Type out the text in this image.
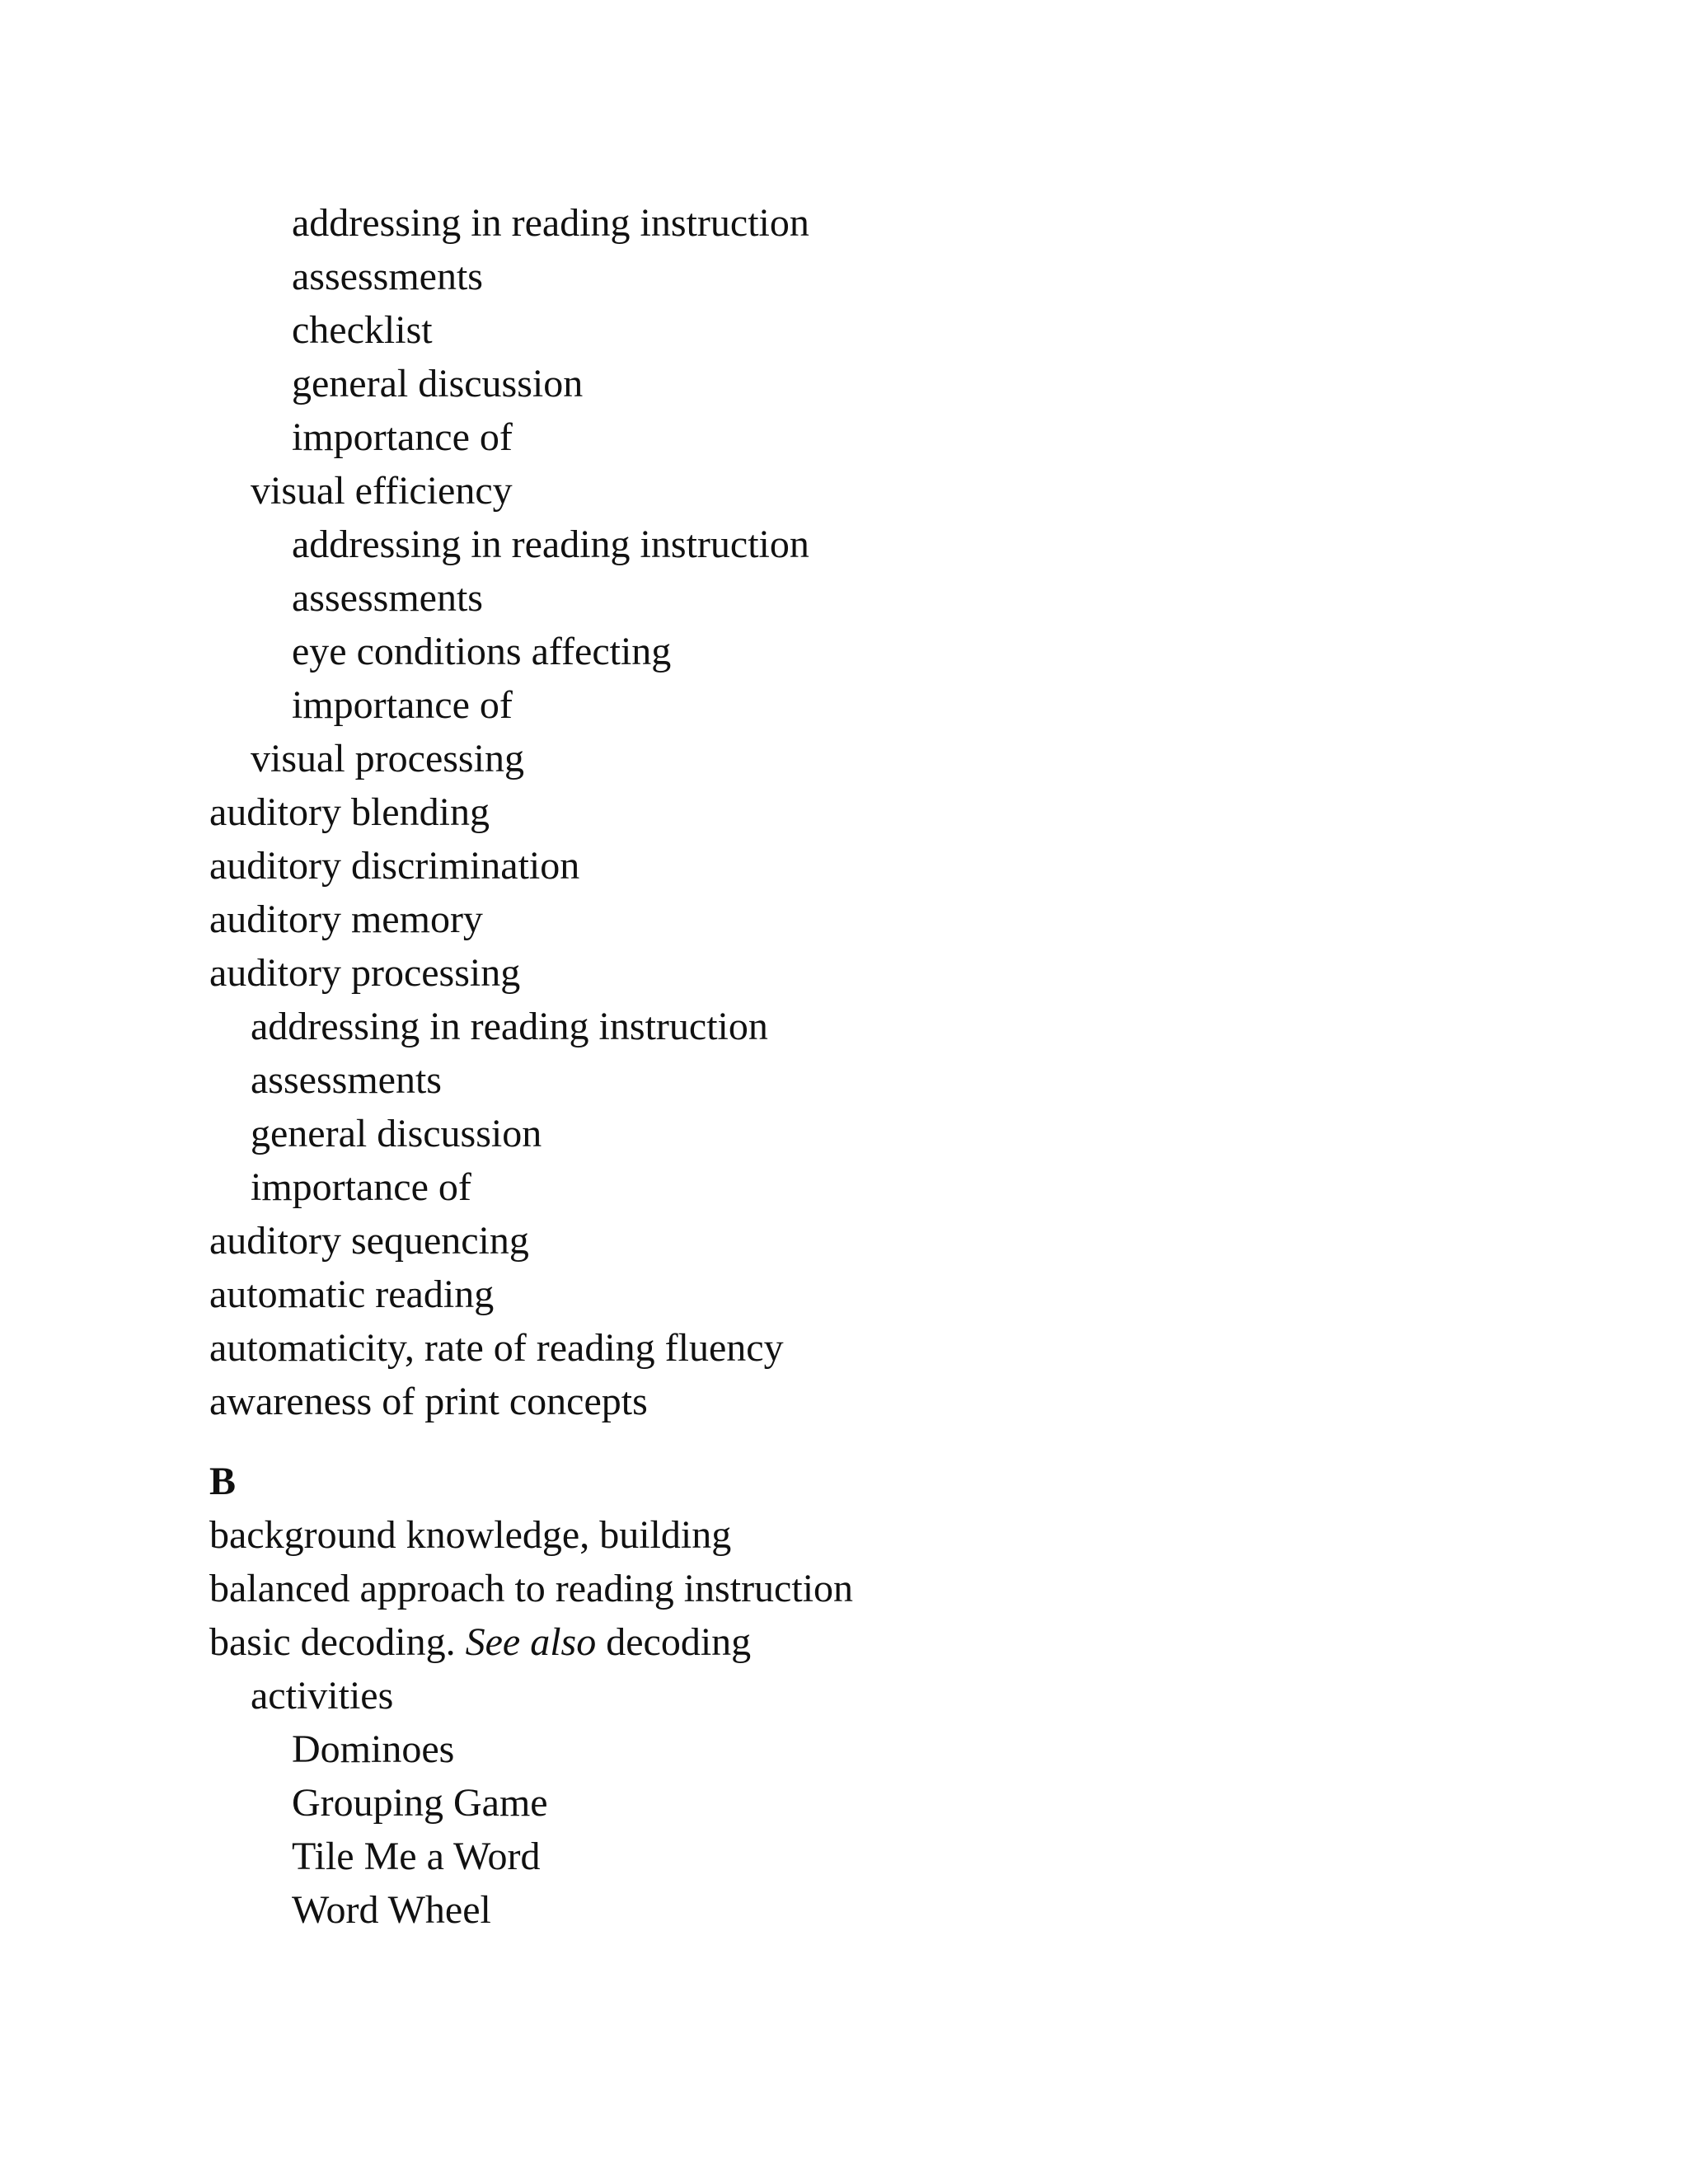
addressing in reading instruction
assessments
checklist
general discussion
importance of
visual efficiency
addressing in reading instruction
assessments
eye conditions affecting
importance of
visual processing
auditory blending
auditory discrimination
auditory memory
auditory processing
addressing in reading instruction
assessments
general discussion
importance of
auditory sequencing
automatic reading
automaticity, rate of reading fluency
awareness of print concepts
B
background knowledge, building
balanced approach to reading instruction
basic decoding. See also decoding
activities
Dominoes
Grouping Game
Tile Me a Word
Word Wheel
